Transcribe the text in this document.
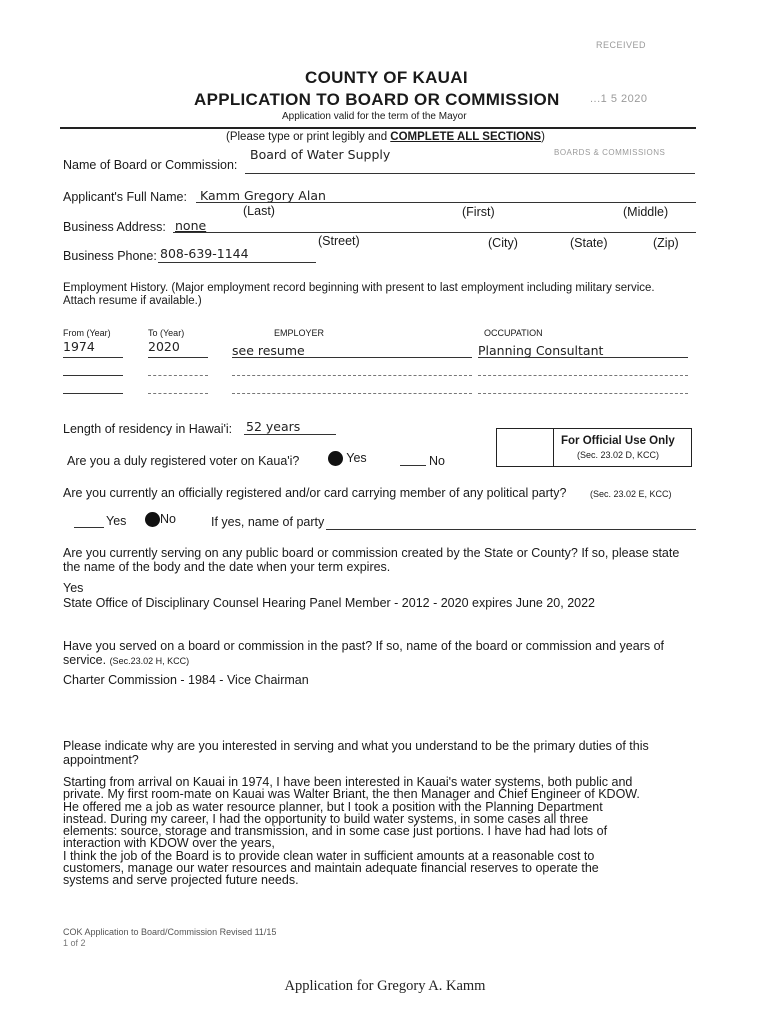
RECEIVED
...1 5 2020
BOARDS & COMMISSIONS
COUNTY OF KAUAI
APPLICATION TO BOARD OR COMMISSION
Application valid for the term of the Mayor
(Please type or print legibly and COMPLETE ALL SECTIONS)
Name of Board or Commission:
Board of Water Supply
Applicant's Full Name: Kamm Gregory Alan
(Last)	(First)	(Middle)
Business Address: none
(Street)	(City)	(State)	(Zip)
Business Phone: 808-639-1144
Employment History. (Major employment record beginning with present to last employment including military service.
Attach resume if available.)
From (Year)	To (Year)	EMPLOYER	OCCUPATION
1974	2020	see resume	Planning Consultant
Length of residency in Hawai'i: 52 years
For Official Use Only
(Sec. 23.02 D, KCC)
Are you a duly registered voter on Kaua'i?	Yes	No
Are you currently an officially registered and/or card carrying member of any political party?	(Sec. 23.02 E, KCC)
Yes	No	If yes, name of party
Are you currently serving on any public board or commission created by the State or County? If so, please state
the name of the body and the date when your term expires.
Yes
State Office of Disciplinary Counsel Hearing Panel Member - 2012 - 2020 expires June 20, 2022
Have you served on a board or commission in the past? If so, name of the board or commission and years of
service. (Sec.23.02 H, KCC)
Charter Commission - 1984 - Vice Chairman
Please indicate why are you interested in serving and what you understand to be the primary duties of this
appointment?
Starting from arrival on Kauai in 1974, I have been interested in Kauai's water systems, both public and
private. My first room-mate on Kauai was Walter Briant, the then Manager and Chief Engineer of KDOW.
He offered me a job as water resource planner, but I took a position with the Planning Department
instead. During my career, I had the opportunity to build water systems, in some cases all three
elements: source, storage and transmission, and in some case just portions. I have had had lots of
interaction with KDOW over the years,
I think the job of the Board is to provide clean water in sufficient amounts at a reasonable cost to
customers, manage our water resources and maintain adequate financial reserves to operate the
systems and serve projected future needs.
COK Application to Board/Commission Revised 11/15
1 of 2
Application for Gregory A. Kamm
